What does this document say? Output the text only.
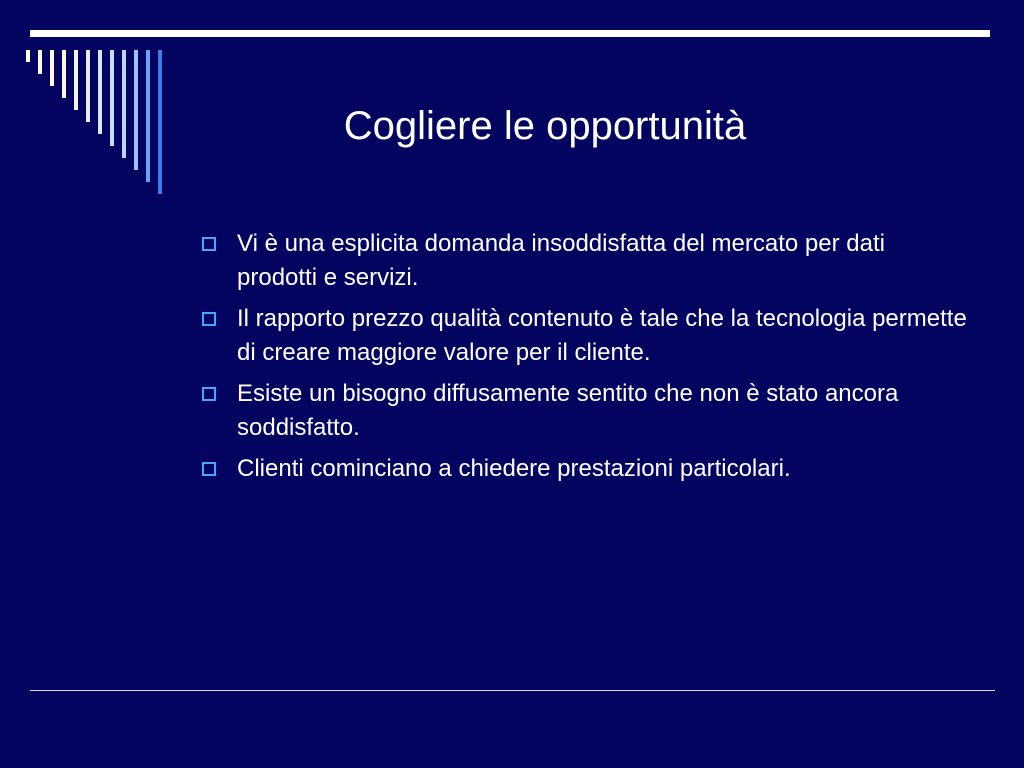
Cogliere le opportunità
Vi è una esplicita domanda insoddisfatta del mercato per dati prodotti e servizi.
Il rapporto prezzo qualità contenuto è tale che la tecnologia permette di creare maggiore valore per il cliente.
Esiste un bisogno diffusamente sentito che non è stato ancora soddisfatto.
Clienti cominciano a chiedere prestazioni particolari.
